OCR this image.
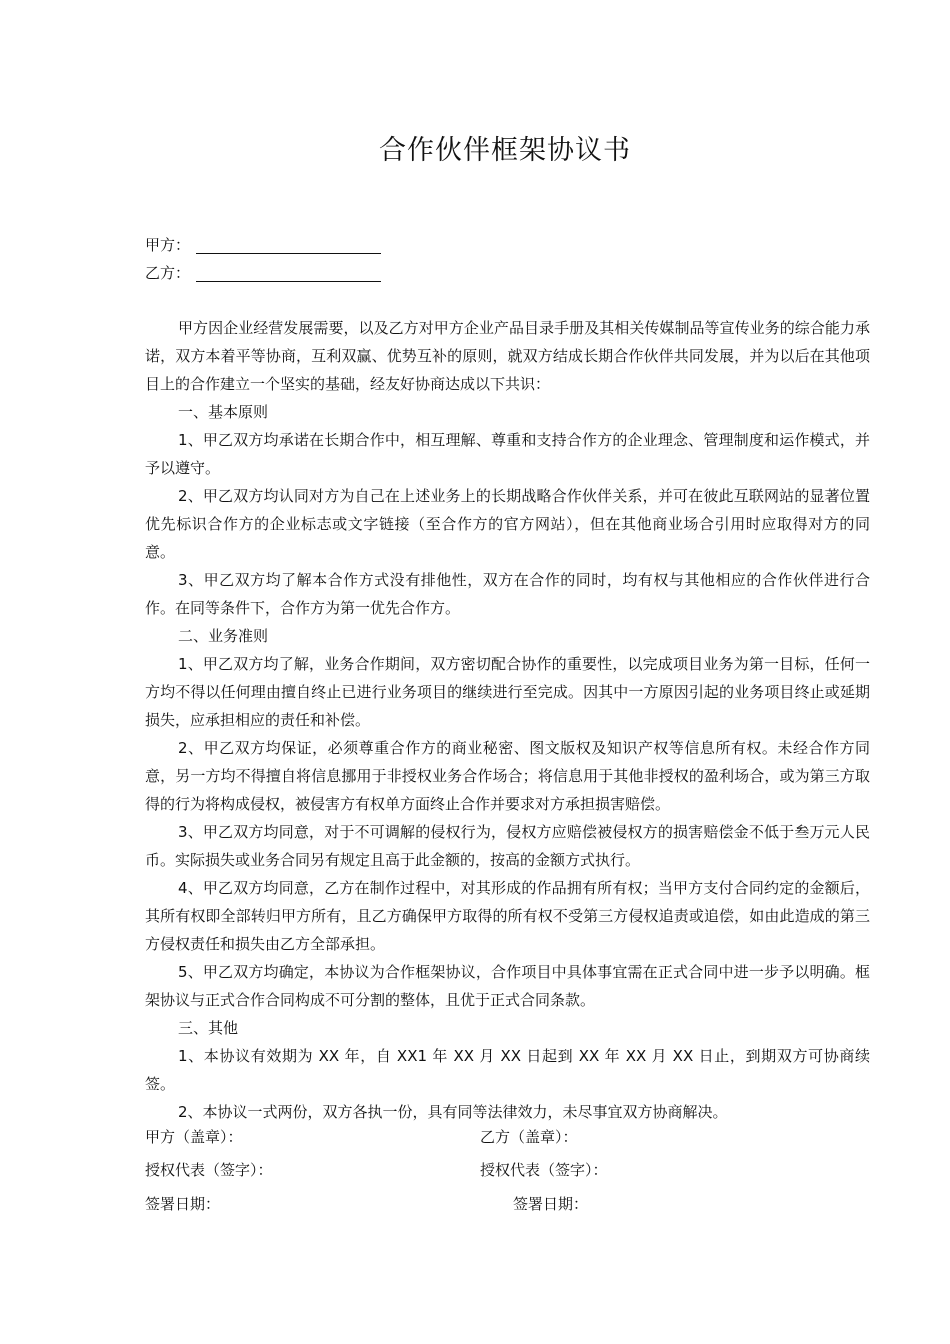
合作伙伴框架协议书
甲方：
乙方：

甲方因企业经营发展需要，以及乙方对甲方企业产品目录手册及其相关传媒制品等宣传业务的综合能力承诺，双方本着平等协商，互利双赢、优势互补的原则，就双方结成长期合作伙伴共同发展，并为以后在其他项目上的合作建立一个坚实的基础，经友好协商达成以下共识：

一、基本原则

1、甲乙双方均承诺在长期合作中，相互理解、尊重和支持合作方的企业理念、管理制度和运作模式，并予以遵守。

2、甲乙双方均认同对方为自己在上述业务上的长期战略合作伙伴关系，并可在彼此互联网站的显著位置优先标识合作方的企业标志或文字链接（至合作方的官方网站），但在其他商业场合引用时应取得对方的同意。

3、甲乙双方均了解本合作方式没有排他性，双方在合作的同时，均有权与其他相应的合作伙伴进行合作。在同等条件下，合作方为第一优先合作方。

二、业务准则

1、甲乙双方均了解，业务合作期间，双方密切配合协作的重要性，以完成项目业务为第一目标，任何一方均不得以任何理由擅自终止已进行业务项目的继续进行至完成。因其中一方原因引起的业务项目终止或延期损失，应承担相应的责任和补偿。

2、甲乙双方均保证，必须尊重合作方的商业秘密、图文版权及知识产权等信息所有权。未经合作方同意，另一方均不得擅自将信息挪用于非授权业务合作场合；将信息用于其他非授权的盈利场合，或为第三方取得的行为将构成侵权，被侵害方有权单方面终止合作并要求对方承担损害赔偿。

3、甲乙双方均同意，对于不可调解的侵权行为，侵权方应赔偿被侵权方的损害赔偿金不低于叁万元人民币。实际损失或业务合同另有规定且高于此金额的，按高的金额方式执行。

4、甲乙双方均同意，乙方在制作过程中，对其形成的作品拥有所有权；当甲方支付合同约定的金额后，其所有权即全部转归甲方所有，且乙方确保甲方取得的所有权不受第三方侵权追责或追偿，如由此造成的第三方侵权责任和损失由乙方全部承担。

5、甲乙双方均确定，本协议为合作框架协议，合作项目中具体事宜需在正式合同中进一步予以明确。框架协议与正式合作合同构成不可分割的整体，且优于正式合同条款。

三、其他

1、本协议有效期为 XX 年，自 XX1 年 XX 月 XX 日起到 XX 年 XX 月 XX 日止，到期双方可协商续签。

2、本协议一式两份，双方各执一份，具有同等法律效力，未尽事宜双方协商解决。

甲方（盖章）：
授权代表（签字）：
签署日期：
乙方（盖章）：
授权代表（签字）：
签署日期：
